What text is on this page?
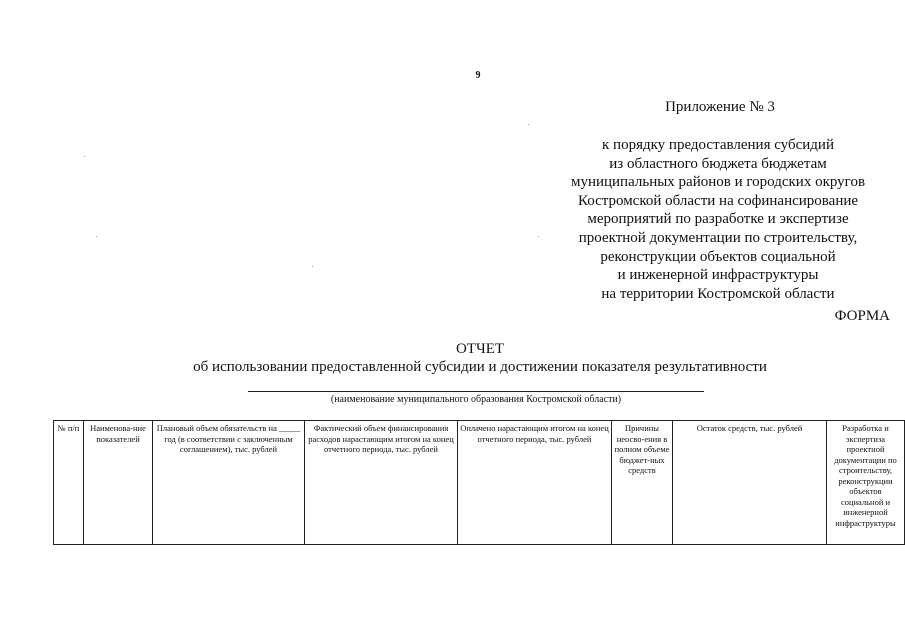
9
Приложение № 3
к порядку предоставления субсидий
из областного бюджета бюджетам
муниципальных районов и городских округов
Костромской области на софинансирование
мероприятий по разработке и экспертизе
проектной документации по строительству,
реконструкции объектов социальной
и инженерной инфраструктуры
на территории Костромской области
ФОРМА
ОТЧЕТ
об использовании предоставленной субсидии и достижении показателя результативности
(наименование муниципального образования Костромской области)
№ п/п	Наименова-ние показателей	Плановый объем обязательств на _____ год (в соответствии с заключенным соглашением), тыс. рублей	Фактический объем финансирования расходов нарастающим итогом на конец отчетного периода, тыс. рублей	Оплачено нарастающим итогом на конец отчетного периода, тыс. рублей	Причины неосво-ения в полном объеме бюджет-ных средств	Остаток средств, тыс. рублей	Разработка и экспертиза проектной документации по строительству, реконструкции объектов социальной и инженерной инфраструктуры
